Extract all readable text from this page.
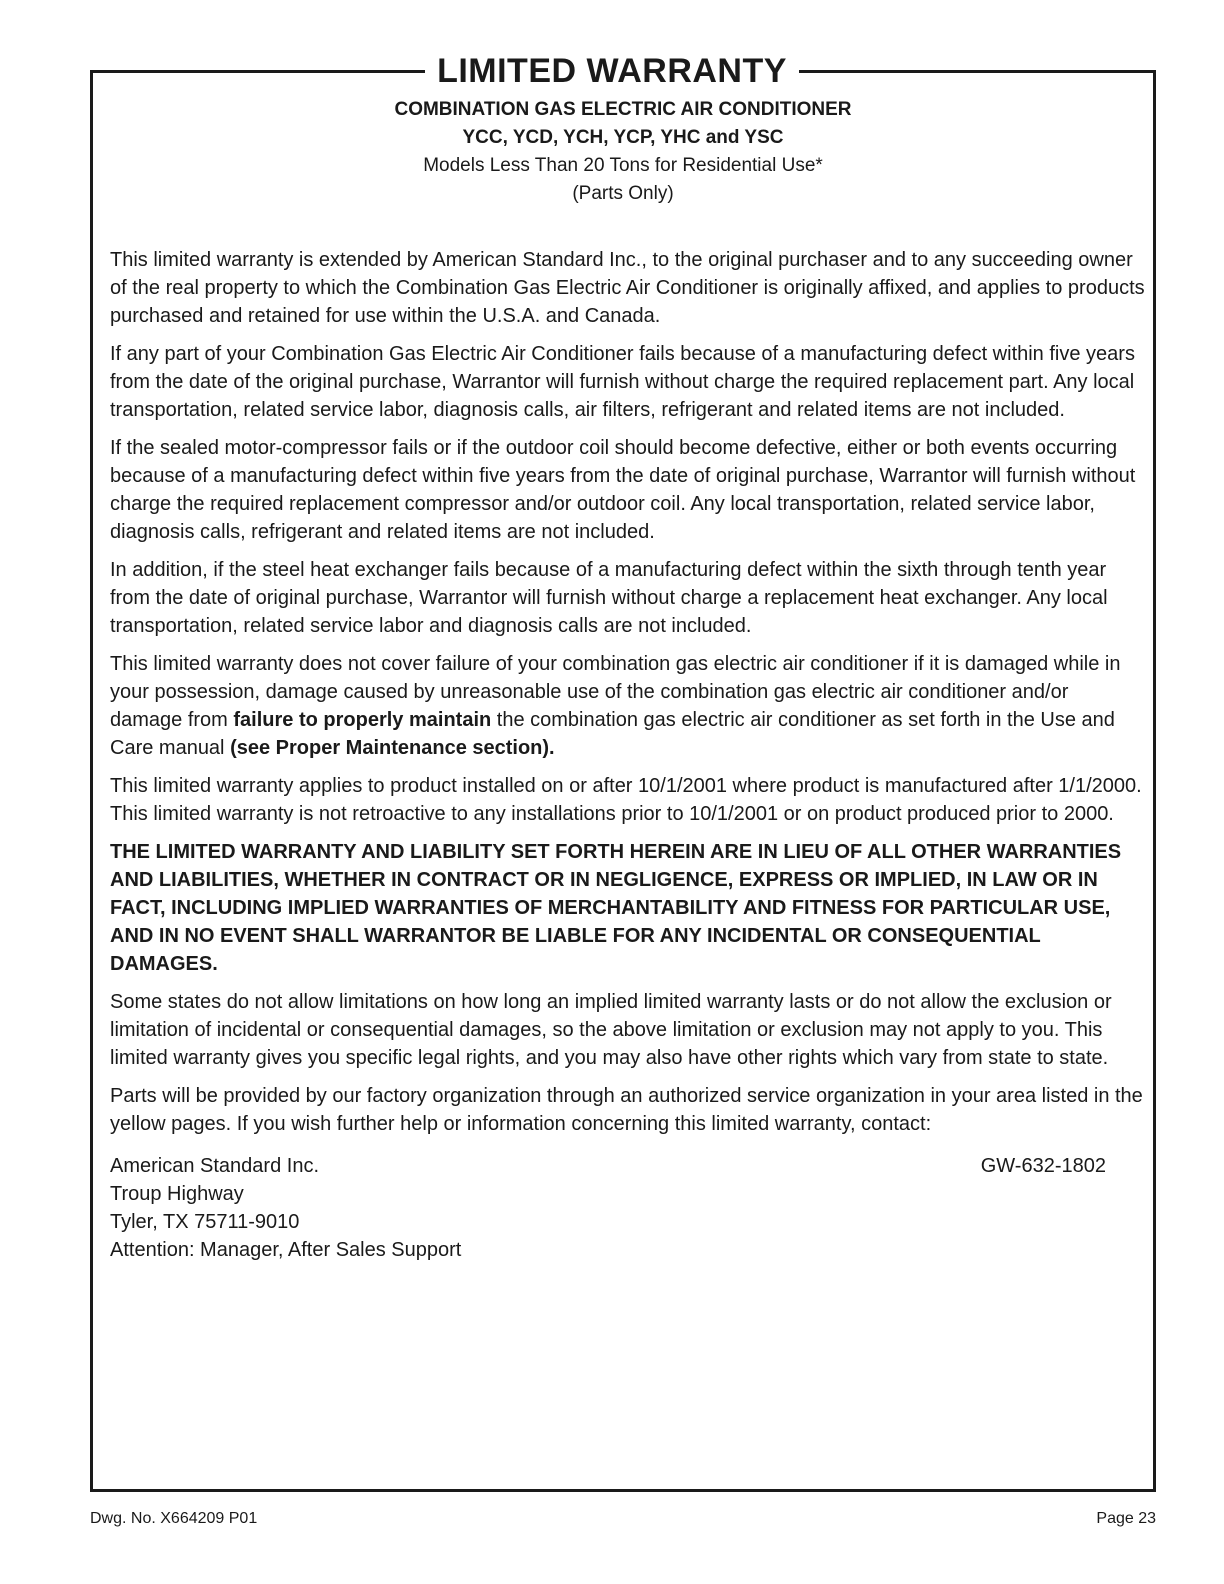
LIMITED WARRANTY
COMBINATION GAS ELECTRIC AIR CONDITIONER
YCC, YCD, YCH, YCP, YHC and YSC
Models Less Than 20 Tons for Residential Use*
(Parts Only)

This limited warranty is extended by American Standard Inc., to the original purchaser and to any succeeding owner of the real property to which the Combination Gas Electric Air Conditioner is originally affixed, and applies to products purchased and retained for use within the U.S.A. and Canada.

If any part of your Combination Gas Electric Air Conditioner fails because of a manufacturing defect within five years from the date of the original purchase, Warrantor will furnish without charge the required replacement part. Any local transportation, related service labor, diagnosis calls, air filters, refrigerant and related items are not included.

If the sealed motor-compressor fails or if the outdoor coil should become defective, either or both events occurring because of a manufacturing defect within five years from the date of original purchase, Warrantor will furnish without charge the required replacement compressor and/or outdoor coil. Any local transportation, related service labor, diagnosis calls, refrigerant and related items are not included.

In addition, if the steel heat exchanger fails because of a manufacturing defect within the sixth through tenth year from the date of original purchase, Warrantor will furnish without charge a replacement heat exchanger. Any local transportation, related service labor and diagnosis calls are not included.

This limited warranty does not cover failure of your combination gas electric air conditioner if it is damaged while in your possession, damage caused by unreasonable use of the combination gas electric air conditioner and/or damage from failure to properly maintain the combination gas electric air conditioner as set forth in the Use and Care manual (see Proper Maintenance section).

This limited warranty applies to product installed on or after 10/1/2001 where product is manufactured after 1/1/2000. This limited warranty is not retroactive to any installations prior to 10/1/2001 or on product produced prior to 2000.

THE LIMITED WARRANTY AND LIABILITY SET FORTH HEREIN ARE IN LIEU OF ALL OTHER WARRANTIES AND LIABILITIES, WHETHER IN CONTRACT OR IN NEGLIGENCE, EXPRESS OR IMPLIED, IN LAW OR IN FACT, INCLUDING IMPLIED WARRANTIES OF MERCHANTABILITY AND FITNESS FOR PARTICULAR USE, AND IN NO EVENT SHALL WARRANTOR BE LIABLE FOR ANY INCIDENTAL OR CONSEQUENTIAL DAMAGES.

Some states do not allow limitations on how long an implied limited warranty lasts or do not allow the exclusion or limitation of incidental or consequential damages, so the above limitation or exclusion may not apply to you. This limited warranty gives you specific legal rights, and you may also have other rights which vary from state to state.

Parts will be provided by our factory organization through an authorized service organization in your area listed in the yellow pages. If you wish further help or information concerning this limited warranty, contact:

American Standard Inc.
Troup Highway
Tyler, TX 75711-9010
Attention: Manager, After Sales Support
GW-632-1802
Dwg. No. X664209 P01	Page 23
